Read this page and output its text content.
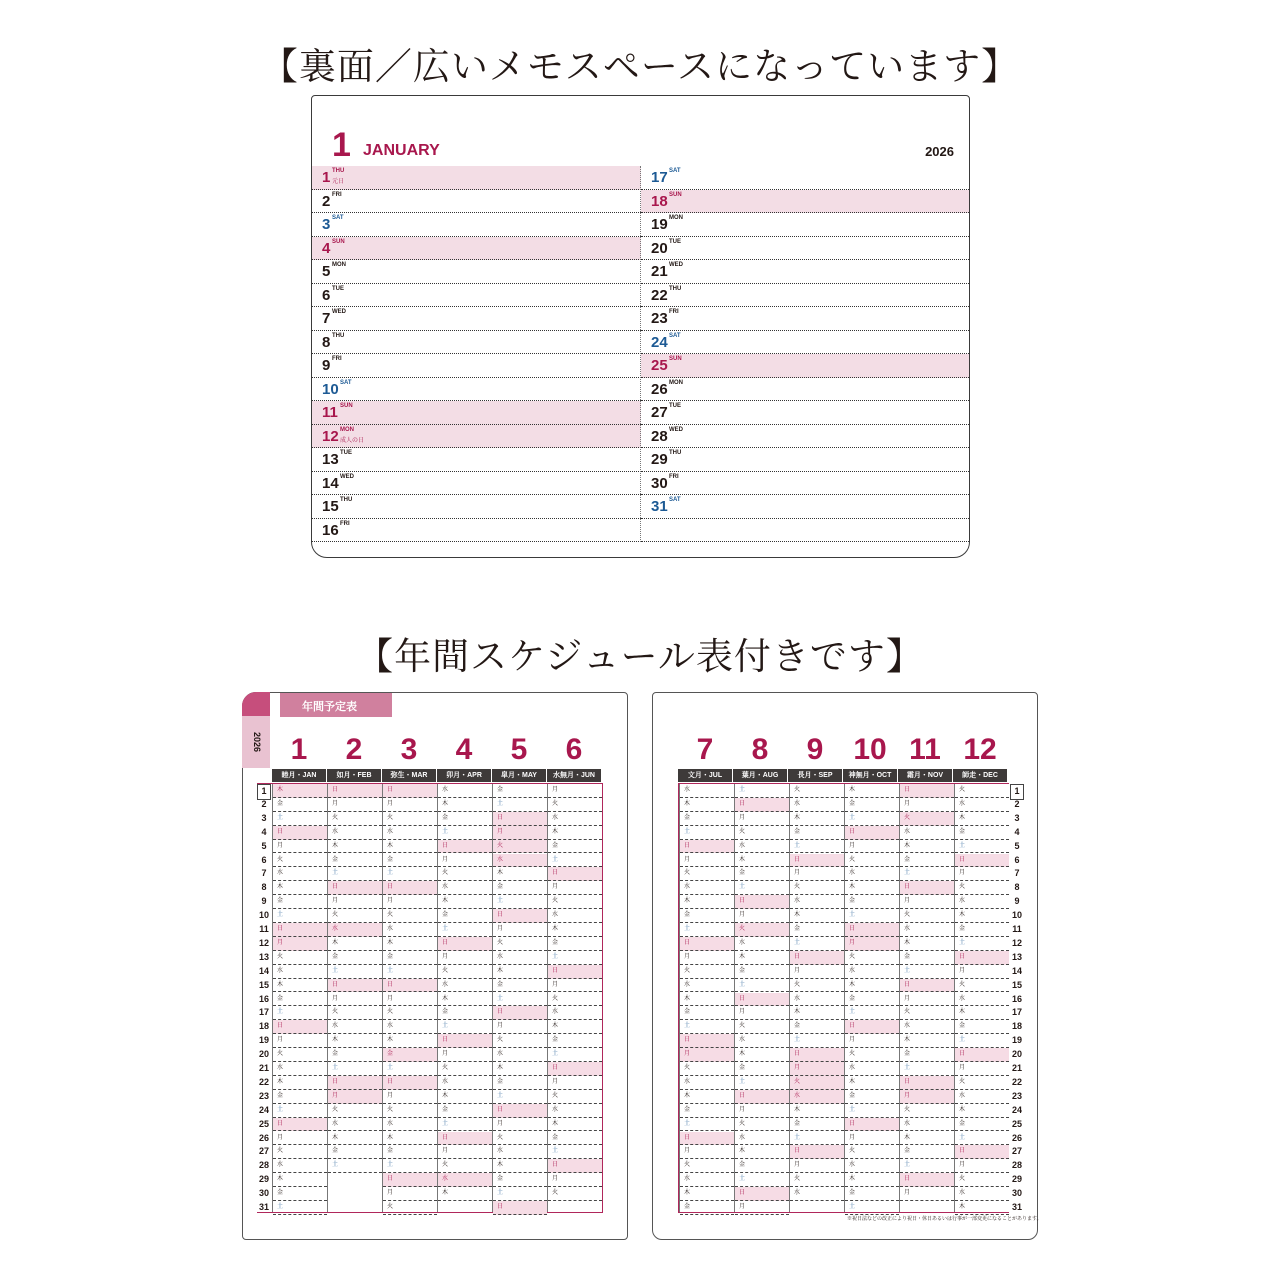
【裏面／広いメモスペースになっています】
1 JANUARY	2026
1 THU
元日
2 FRI
3 SAT
4 SUN
5 MON
6 TUE
7 WED
8 THU
9 FRI
10 SAT
11 SUN
12 MON
成人の日
13 TUE
14 WED
15 THU
16 FRI
17 SAT
18 SUN
19 MON
20 TUE
21 WED
22 THU
23 FRI
24 SAT
25 SUN
26 MON
27 TUE
28 WED
29 THU
30 FRI
31 SAT
【年間スケジュール表付きです】
年間予定表
2026
木
金
土
日
月
火
水
木
金
土
日
月
火
水
木
金
土
日
月
火
水
木
金
土
日
月
火
水
木
金
土
日
月
火
水
木
金
土
日
月
火
水
木
金
土
日
月
火
水
木
金
土
日
月
火
水
木
金
土
日
月
火
水
木
金
土
日
月
火
水
木
金
土
日
月
火
水
木
金
土
日
月
火
水
木
金
土
日
月
火
水
木
金
土
日
月
火
水
木
金
土
日
月
火
水
木
金
土
日
月
火
水
木
金
土
日
月
火
水
木
金
土
日
月
火
水
木
金
土
日
月
火
水
木
金
土
日
月
火
水
木
金
土
日
月
火
水
木
金
土
日
月
火
水
木
金
土
日
月
火
水
木
金
土
日
月
火
水
木
金
土
日
月
火
水
木
金
土
日
月
火
1
2
3
4
5
6
7
8
9
10
11
12
13
14
15
16
17
18
19
20
21
22
23
24
25
26
27
28
29
30
31
水
木
金
土
日
月
火
水
木
金
土
日
月
火
水
木
金
土
日
月
火
水
木
金
土
日
月
火
水
木
金
土
日
月
火
水
木
金
土
日
月
火
水
木
金
土
日
月
火
水
木
金
土
日
月
火
水
木
金
土
日
月
火
水
木
金
土
日
月
火
水
木
金
土
日
月
火
水
木
金
土
日
月
火
水
木
金
土
日
月
火
水
木
金
土
日
月
火
水
木
金
土
日
月
火
水
木
金
土
日
月
火
水
木
金
土
日
月
火
水
木
金
土
日
月
火
水
木
金
土
日
月
火
水
木
金
土
日
月
火
水
木
金
土
日
月
火
水
木
金
土
日
月
火
水
木
金
土
日
月
火
水
木
金
土
日
月
火
水
木
金
土
日
月
火
水
木
金
土
日
月
火
水
木
1
2
3
4
5
6
7
8
9
10
11
12
13
14
15
16
17
18
19
20
21
22
23
24
25
26
27
28
29
30
31
1
睦月・JAN
2
如月・FEB
3
弥生・MAR
4
卯月・APR
5
皐月・MAY
6
水無月・JUN
7
文月・JUL
8
葉月・AUG
9
長月・SEP
10
神無月・OCT
11
霜月・NOV
12
師走・DEC
※祝日法などの改正により祝日・休日あるいは行事が一部変更になることがあります。
